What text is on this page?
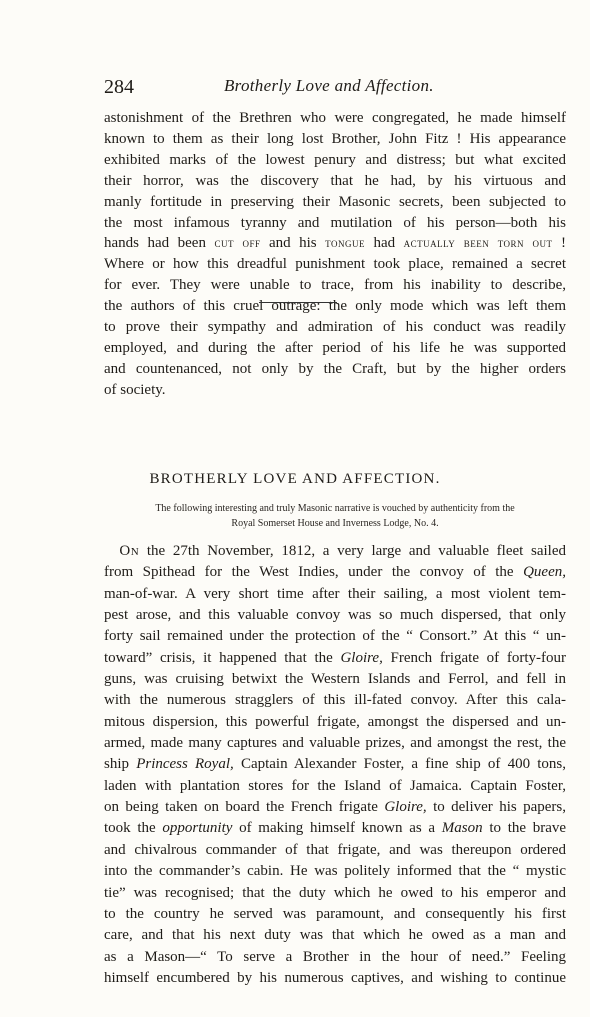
284	Brotherly Love and Affection.

astonishment of the Brethren who were congregated, he made himself

known to them as their long lost Brother, John Fitz ! His appearance

exhibited marks of the lowest penury and distress; but what excited

their horror, was the discovery that he had, by his virtuous and

manly fortitude in preserving their Masonic secrets, been subjected to

the most infamous tyranny and mutilation of his person—both his

hands had been cut off and his tongue had actually been torn out !

Where or how this dreadful punishment took place, remained a secret

for ever. They were unable to trace, from his inability to describe,

the authors of this cruel outrage: the only mode which was left them

to prove their sympathy and admiration of his conduct was readily

employed, and during the after period of his life he was supported

and countenanced, not only by the Craft, but by the higher orders

of society.

BROTHERLY LOVE AND AFFECTION.
The following interesting and truly Masonic narrative is vouched by authenticity from the
Royal Somerset House and Inverness Lodge, No. 4.

On the 27th November, 1812, a very large and valuable fleet sailed

from Spithead for the West Indies, under the convoy of the Queen,

man-of-war. A very short time after their sailing, a most violent tem-

pest arose, and this valuable convoy was so much dispersed, that only

forty sail remained under the protection of the “ Consort.” At this “ un-

toward” crisis, it happened that the Gloire, French frigate of forty-four

guns, was cruising betwixt the Western Islands and Ferrol, and fell in

with the numerous stragglers of this ill-fated convoy. After this cala-

mitous dispersion, this powerful frigate, amongst the dispersed and un-

armed, made many captures and valuable prizes, and amongst the rest, the

ship Princess Royal, Captain Alexander Foster, a fine ship of 400 tons,

laden with plantation stores for the Island of Jamaica. Captain Foster,

on being taken on board the French frigate Gloire, to deliver his papers,

took the opportunity of making himself known as a Mason to the brave

and chivalrous commander of that frigate, and was thereupon ordered

into the commander’s cabin. He was politely informed that the “ mystic

tie” was recognised; that the duty which he owed to his emperor and

to the country he served was paramount, and consequently his first

care, and that his next duty was that which he owed as a man and

as a Mason—“ To serve a Brother in the hour of need.” Feeling

himself encumbered by his numerous captives, and wishing to continue
